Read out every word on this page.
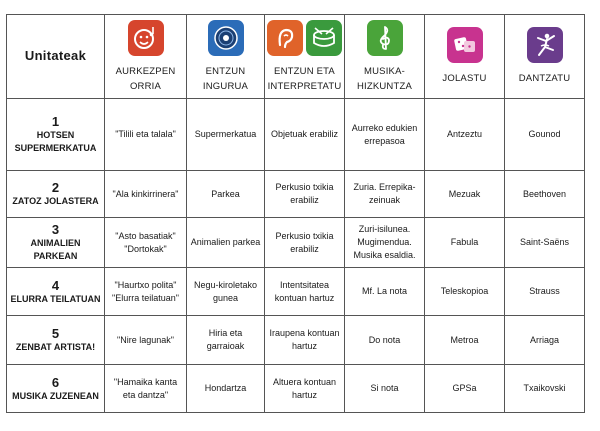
Unitateak	AURKEZPEN ORRIA	ENTZUN INGURUA	ENTZUN ETA INTERPRETATU	MUSIKA-HIZKUNTZA	JOLASTU	DANTZATU

1
HOTSEN SUPERMERKATUA	"Tilili eta talala"	Supermerkatua	Objetuak erabiliz	Aurreko edukien errepasoa	Antzeztu	Gounod

2
ZATOZ JOLASTERA	"Ala kinkirrinera"	Parkea	Perkusio txikia erabiliz	Zuria. Errepika-zeinuak	Mezuak	Beethoven

3
ANIMALIEN PARKEAN	"Asto basatiak" "Dortokak"	Animalien parkea	Perkusio txikia erabiliz	Zuri-isilunea. Mugimendua. Musika esaldia.	Fabula	Saint-Saëns

4
ELURRA TEILATUAN	"Haurtxo polita" "Elurra teilatuan"	Negu-kiroletako gunea	Intentsitatea kontuan hartuz	Mf. La nota	Teleskopioa	Strauss

5
ZENBAT ARTISTA!	"Nire lagunak"	Hiria eta garraioak	Iraupena kontuan hartuz	Do nota	Metroa	Arriaga

6
MUSIKA ZUZENEAN	"Hamaika kanta eta dantza"	Hondartza	Altuera kontuan hartuz	Si nota	GPSa	Txaikovski
